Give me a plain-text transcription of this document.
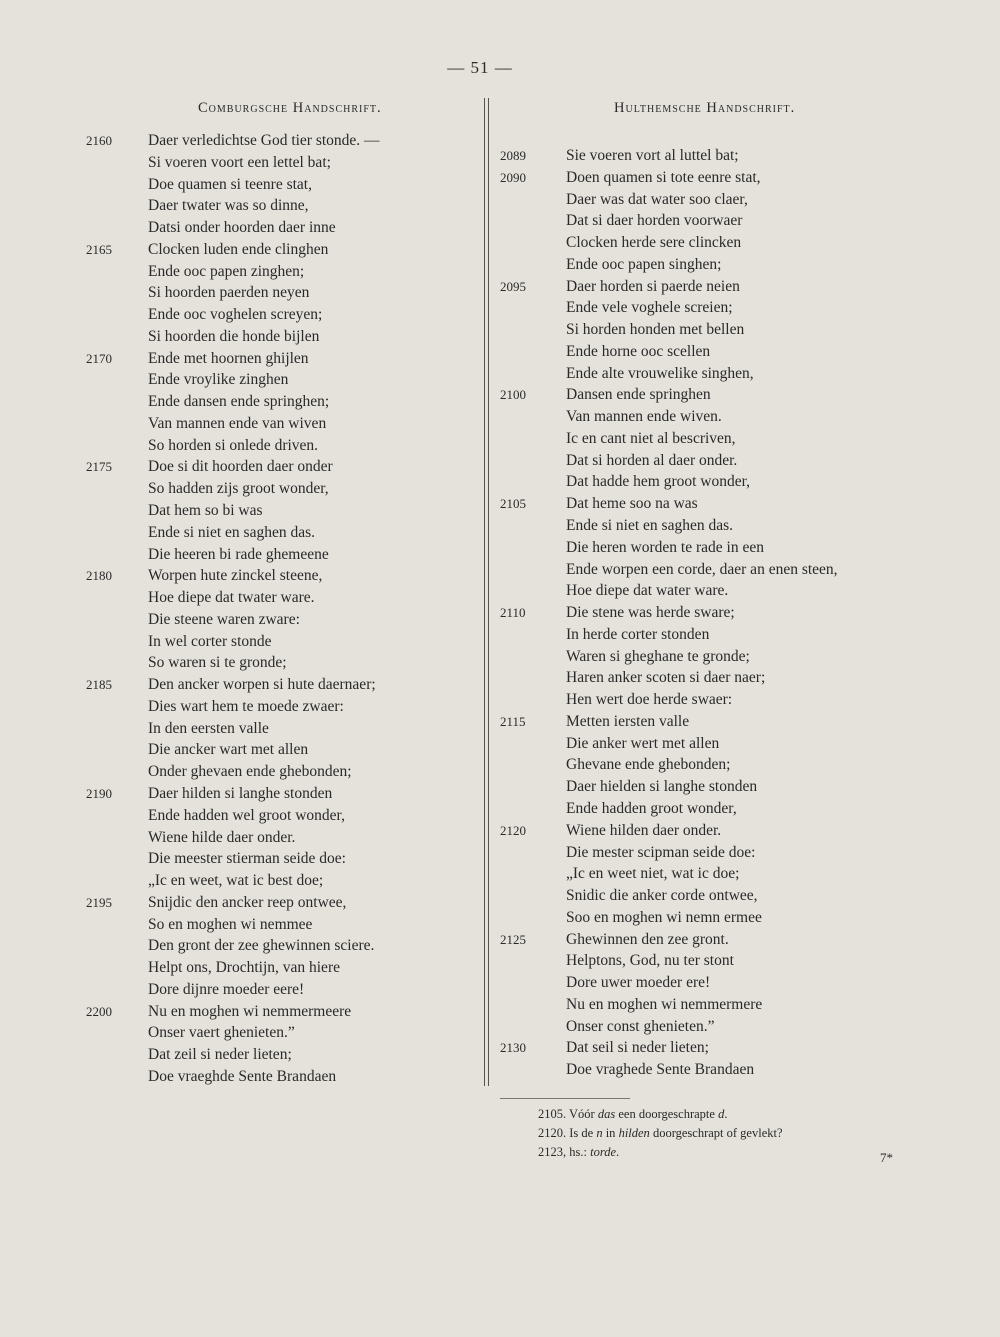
— 51 —
Comburgsche Handschrift.	Hulthemsche Handschrift.
2160	Daer verledichtse God tier stonde. —
Si voeren voort een lettel bat;
Doe quamen si teenre stat,
Daer twater was so dinne,
Datsi onder hoorden daer inne
2165	Clocken luden ende clinghen
Ende ooc papen zinghen;
Si hoorden paerden neyen
Ende ooc voghelen screyen;
Si hoorden die honde bijlen
2170	Ende met hoornen ghijlen
Ende vroylike zinghen
Ende dansen ende springhen;
Van mannen ende van wiven
So horden si onlede driven.
2175	Doe si dit hoorden daer onder
So hadden zijs groot wonder,
Dat hem so bi was
Ende si niet en saghen das.
Die heeren bi rade ghemeene
2180	Worpen hute zinckel steene,
Hoe diepe dat twater ware.
Die steene waren zware:
In wel corter stonde
So waren si te gronde;
2185	Den ancker worpen si hute daernaer;
Dies wart hem te moede zwaer:
In den eersten valle
Die ancker wart met allen
Onder ghevaen ende ghebonden;
2190	Daer hilden si langhe stonden
Ende hadden wel groot wonder,
Wiene hilde daer onder.
Die meester stierman seide doe:
„Ic en weet, wat ic best doe;
2195	Snijdic den ancker reep ontwee,
So en moghen wi nemmee
Den gront der zee ghewinnen sciere.
Helpt ons, Drochtijn, van hiere
Dore dijnre moeder eere!
2200	Nu en moghen wi nemmermeere
Onser vaert ghenieten.”
Dat zeil si neder lieten;
Doe vraeghde Sente Brandaen
2089	Sie voeren vort al luttel bat;
2090	Doen quamen si tote eenre stat,
Daer was dat water soo claer,
Dat si daer horden voorwaer
Clocken herde sere clincken
Ende ooc papen singhen;
2095	Daer horden si paerde neien
Ende vele voghele screien;
Si horden honden met bellen
Ende horne ooc scellen
Ende alte vrouwelike singhen,
2100	Dansen ende springhen
Van mannen ende wiven.
Ic en cant niet al bescriven,
Dat si horden al daer onder.
Dat hadde hem groot wonder,
2105	Dat heme soo na was
Ende si niet en saghen das.
Die heren worden te rade in een
Ende worpen een corde, daer an enen steen,
Hoe diepe dat water ware.
2110	Die stene was herde sware;
In herde corter stonden
Waren si gheghane te gronde;
Haren anker scoten si daer naer;
Hen wert doe herde swaer:
2115	Metten iersten valle
Die anker wert met allen
Ghevane ende ghebonden;
Daer hielden si langhe stonden
Ende hadden groot wonder,
2120	Wiene hilden daer onder.
Die mester scipman seide doe:
„Ic en weet niet, wat ic doe;
Snidic die anker corde ontwee,
Soo en moghen wi nemn ermee
2125	Ghewinnen den zee gront.
Helptons, God, nu ter stont
Dore uwer moeder ere!
Nu en moghen wi nemmermere
Onser const ghenieten.”
2130	Dat seil si neder lieten;
Doe vraghede Sente Brandaen
2105. Vóór das een doorgeschrapte d.
2120. Is de n in hilden doorgeschrapt of gevlekt?
2123, hs.: torde.	7*
